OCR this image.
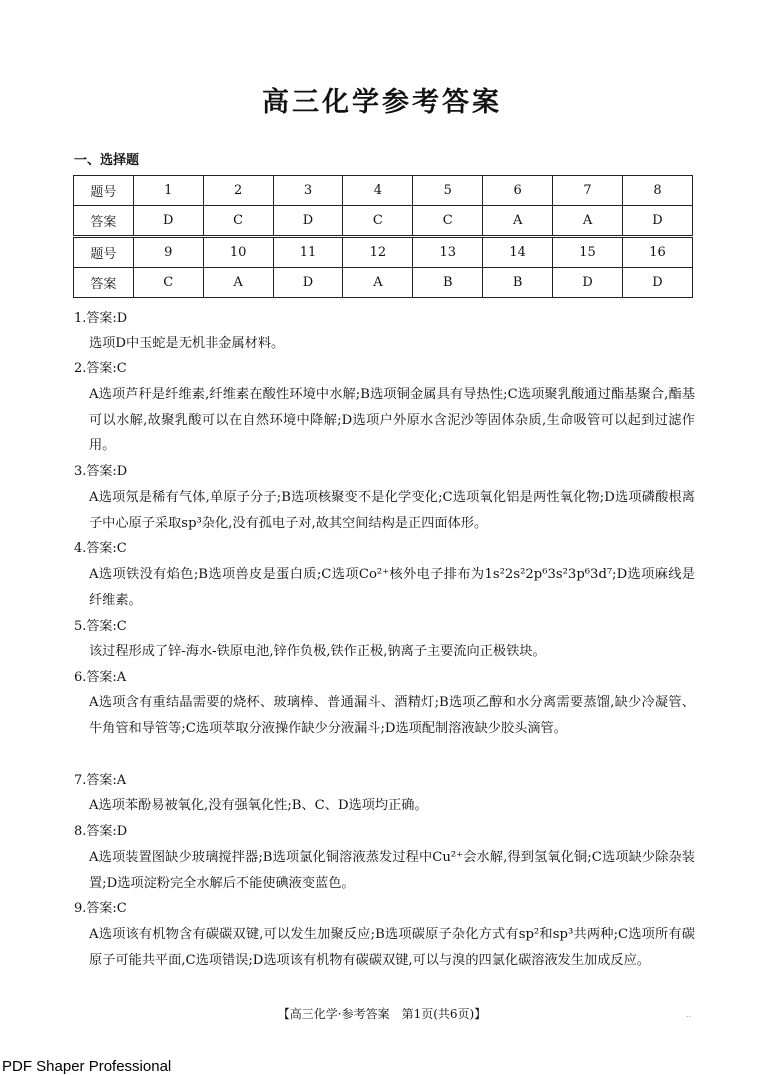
高三化学参考答案
一、选择题
题号	1	2	3	4	5	6	7	8
答案	D	C	D	C	C	A	A	D
题号	9	10	11	12	13	14	15	16
答案	C	A	D	A	B	B	D	D
1.答案:D
选项D中玉蛇是无机非金属材料。
2.答案:C
A选项芦秆是纤维素,纤维素在酸性环境中水解;B选项铜金属具有导热性;C选项聚乳酸通过酯基聚合,酯基可以水解,故聚乳酸可以在自然环境中降解;D选项户外原水含泥沙等固体杂质,生命吸管可以起到过滤作用。
3.答案:D
A选项氖是稀有气体,单原子分子;B选项核聚变不是化学变化;C选项氧化铝是两性氧化物;D选项磷酸根离子中心原子采取sp³杂化,没有孤电子对,故其空间结构是正四面体形。
4.答案:C
A选项铁没有焰色;B选项兽皮是蛋白质;C选项Co²⁺核外电子排布为1s²2s²2p⁶3s²3p⁶3d⁷;D选项麻线是纤维素。
5.答案:C
该过程形成了锌-海水-铁原电池,锌作负极,铁作正极,钠离子主要流向正极铁块。
6.答案:A
A选项含有重结晶需要的烧杯、玻璃棒、普通漏斗、酒精灯;B选项乙醇和水分离需要蒸馏,缺少冷凝管、牛角管和导管等;C选项萃取分液操作缺少分液漏斗;D选项配制溶液缺少胶头滴管。
7.答案:A
A选项苯酚易被氧化,没有强氧化性;B、C、D选项均正确。
8.答案:D
A选项装置图缺少玻璃搅拌器;B选项氯化铜溶液蒸发过程中Cu²⁺会水解,得到氢氧化铜;C选项缺少除杂装置;D选项淀粉完全水解后不能使碘液变蓝色。
9.答案:C
A选项该有机物含有碳碳双键,可以发生加聚反应;B选项碳原子杂化方式有sp²和sp³共两种;C选项所有碳原子可能共平面,C选项错误;D选项该有机物有碳碳双键,可以与溴的四氯化碳溶液发生加成反应。
【高三化学·参考答案　第1页(共6页)】	..
PDF Shaper Professional
